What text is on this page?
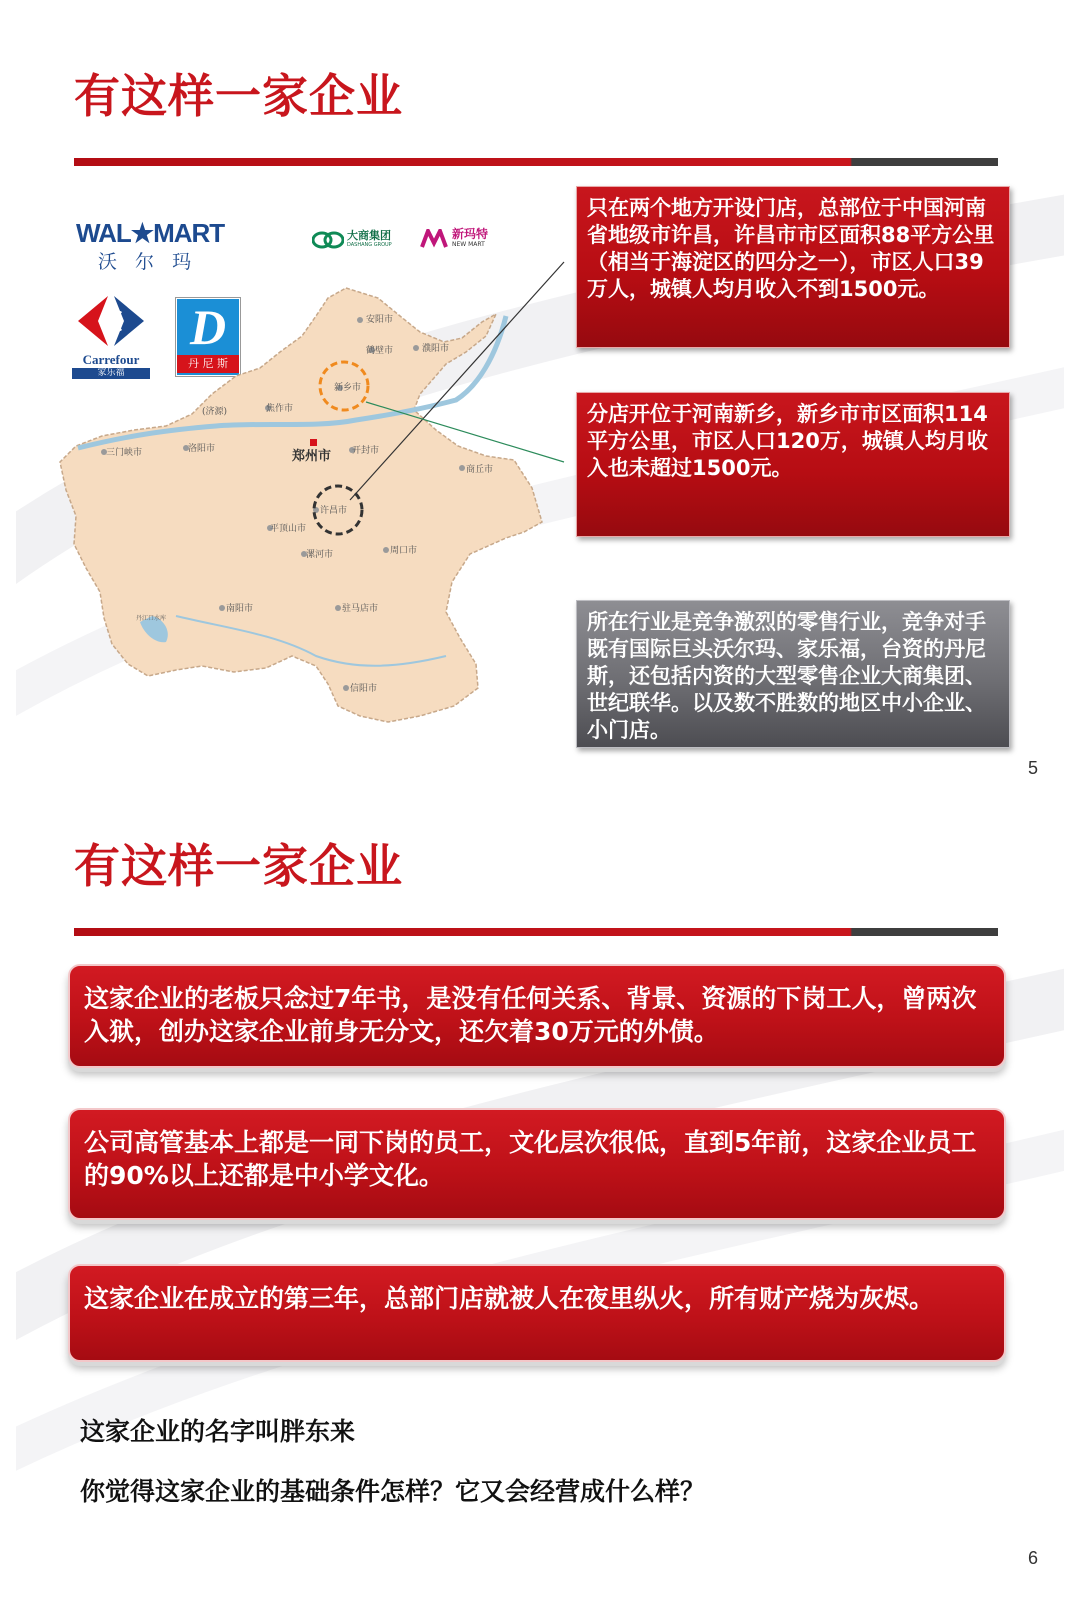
有这样一家企业
WAL★MART
沃 尔 玛
Carrefour
家乐福
D
丹 尼 斯
大商集团
DASHANG GROUP
新玛特
NEW MART
安阳市
鹤壁市	濮阳市
新乡市
焦作市
(济源)
三门峡市	洛阳市	开封市
商丘市
许昌市
平顶山市
漯河市	周口市
南阳市	驻马店市
信阳市
丹江口水库
郑州市
只在两个地方开设门店，总部位于中国河南省地级市许昌，许昌市市区面积88平方公里（相当于海淀区的四分之一），市区人口39万人，城镇人均月收入不到1500元。
分店开位于河南新乡，新乡市市区面积114平方公里，市区人口120万，城镇人均月收入也未超过1500元。
所在行业是竞争激烈的零售行业，竞争对手既有国际巨头沃尔玛、家乐福，台资的丹尼斯，还包括内资的大型零售企业大商集团、世纪联华。以及数不胜数的地区中小企业、小门店。
5
有这样一家企业
这家企业的老板只念过7年书，是没有任何关系、背景、资源的下岗工人，曾两次入狱，创办这家企业前身无分文，还欠着30万元的外债。
公司高管基本上都是一同下岗的员工，文化层次很低，直到5年前，这家企业员工的90%以上还都是中小学文化。
这家企业在成立的第三年，总部门店就被人在夜里纵火，所有财产烧为灰烬。
这家企业的名字叫胖东来
你觉得这家企业的基础条件怎样？它又会经营成什么样？
6
